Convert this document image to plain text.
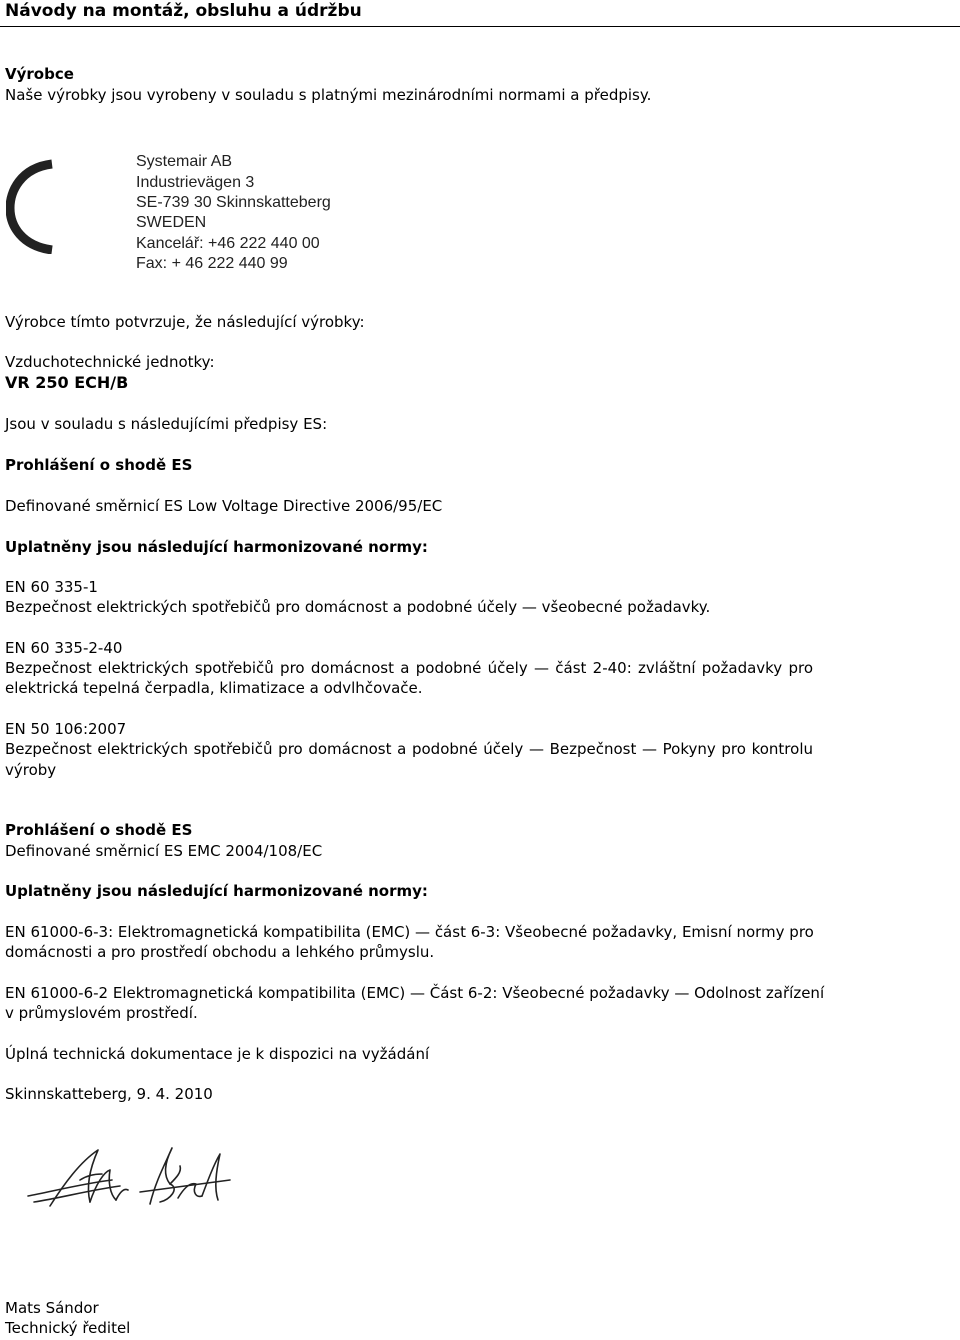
Návody na montáž, obsluhu a údržbu
Výrobce
Naše výrobky jsou vyrobeny v souladu s platnými mezinárodními normami a předpisy.
Systemair AB
Industrievägen 3
SE-739 30 Skinnskatteberg
SWEDEN
Kancelář: +46 222 440 00
Fax: + 46 222 440 99
Výrobce tímto potvrzuje, že následující výrobky:
Vzduchotechnické jednotky:
VR 250 ECH/B
Jsou v souladu s následujícími předpisy ES:
Prohlášení o shodě ES
Definované směrnicí ES Low Voltage Directive 2006/95/EC
Uplatněny jsou následující harmonizované normy:
EN 60 335-1
Bezpečnost elektrických spotřebičů pro domácnost a podobné účely — všeobecné požadavky.
EN 60 335-2-40
Bezpečnost elektrických spotřebičů pro domácnost a podobné účely — část 2-40: zvláštní požadavky pro
elektrická tepelná čerpadla, klimatizace a odvlhčovače.
EN 50 106:2007
Bezpečnost elektrických spotřebičů pro domácnost a podobné účely — Bezpečnost — Pokyny pro kontrolu
výroby
Prohlášení o shodě ES
Definované směrnicí ES EMC 2004/108/EC
Uplatněny jsou následující harmonizované normy:
EN 61000-6-3: Elektromagnetická kompatibilita (EMC) — část 6-3: Všeobecné požadavky, Emisní normy pro
domácnosti a pro prostředí obchodu a lehkého průmyslu.
EN 61000-6-2 Elektromagnetická kompatibilita (EMC) — Část 6-2: Všeobecné požadavky — Odolnost zařízení
v průmyslovém prostředí.
Úplná technická dokumentace je k dispozici na vyžádání
Skinnskatteberg, 9. 4. 2010
Mats Sándor
Technický ředitel
